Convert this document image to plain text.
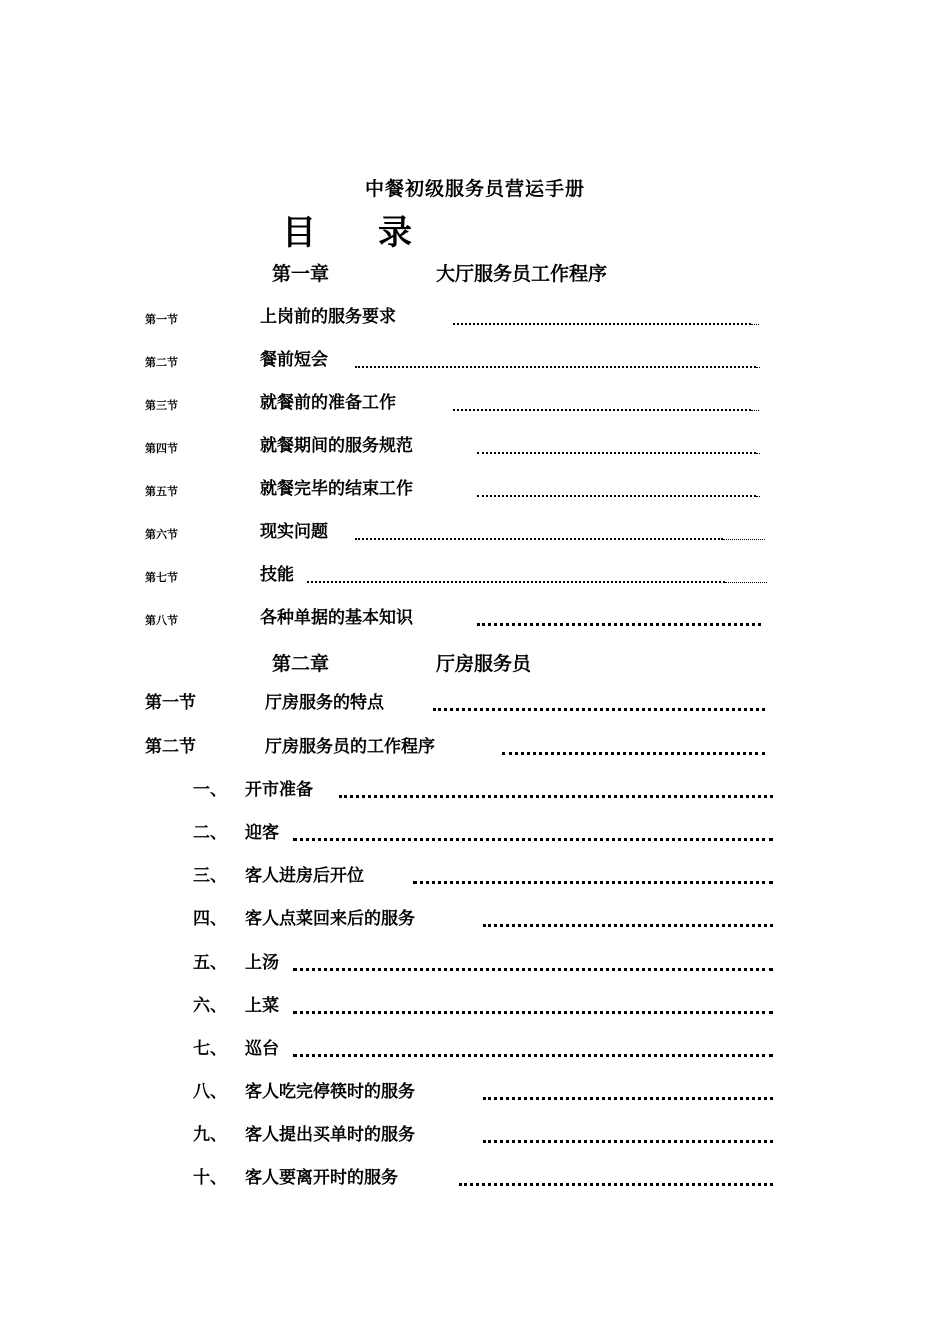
中餐初级服务员营运手册
目录
第一章	大厅服务员工作程序
第一节	上岗前的服务要求
第二节	餐前短会
第三节	就餐前的准备工作
第四节	就餐期间的服务规范
第五节	就餐完毕的结束工作
第六节	现实问题
第七节	技能
第八节	各种单据的基本知识
第二章	厅房服务员
第一节	厅房服务的特点
第二节	厅房服务员的工作程序
一、 开市准备
二、 迎客
三、 客人进房后开位
四、 客人点菜回来后的服务
五、 上汤
六、 上菜
七、 巡台
八、 客人吃完停筷时的服务
九、 客人提出买单时的服务
十、 客人要离开时的服务
